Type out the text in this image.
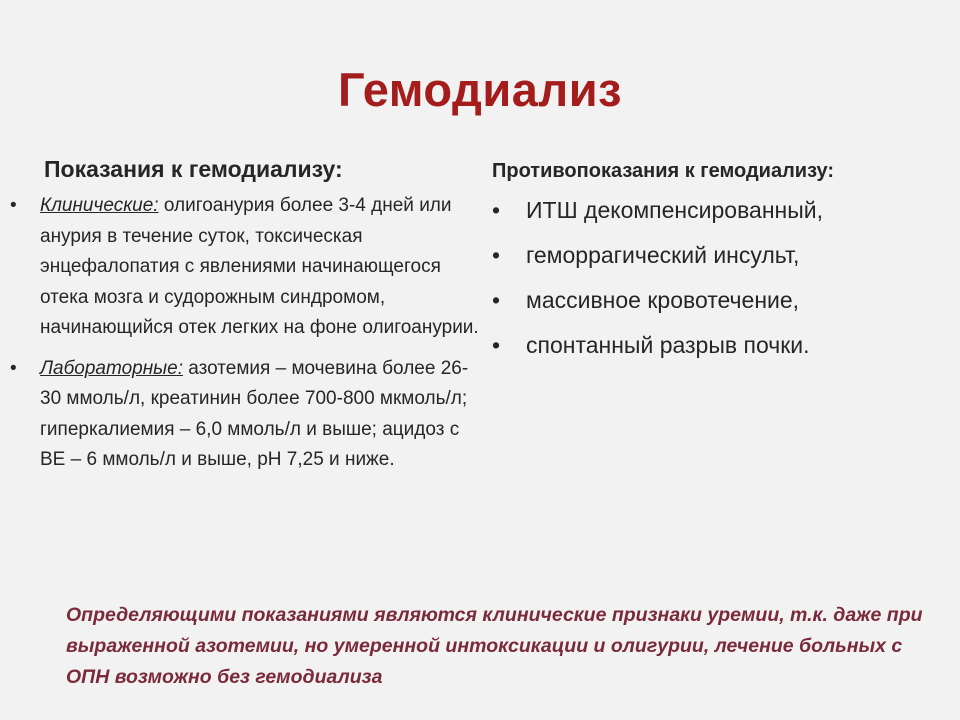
Гемодиализ
Показания к гемодиализу:
• Клинические: олигоанурия более 3-4 дней или анурия в течение суток, токсическая энцефалопатия с явлениями начинающегося отека мозга и судорожным синдромом, начинающийся отек легких на фоне олигоанурии.
• Лабораторные: азотемия – мочевина более 26-30 ммоль/л, креатинин более 700-800 мкмоль/л; гиперкалиемия – 6,0 ммоль/л и выше; ацидоз с BE – 6 ммоль/л и выше, pH 7,25 и ниже.
Противопоказания к гемодиализу:
• ИТШ декомпенсированный,
• геморрагический инсульт,
• массивное кровотечение,
• спонтанный разрыв почки.

Определяющими показаниями являются клинические признаки уремии, т.к. даже при выраженной азотемии, но умеренной интоксикации и олигурии, лечение больных с ОПН возможно без гемодиализа
